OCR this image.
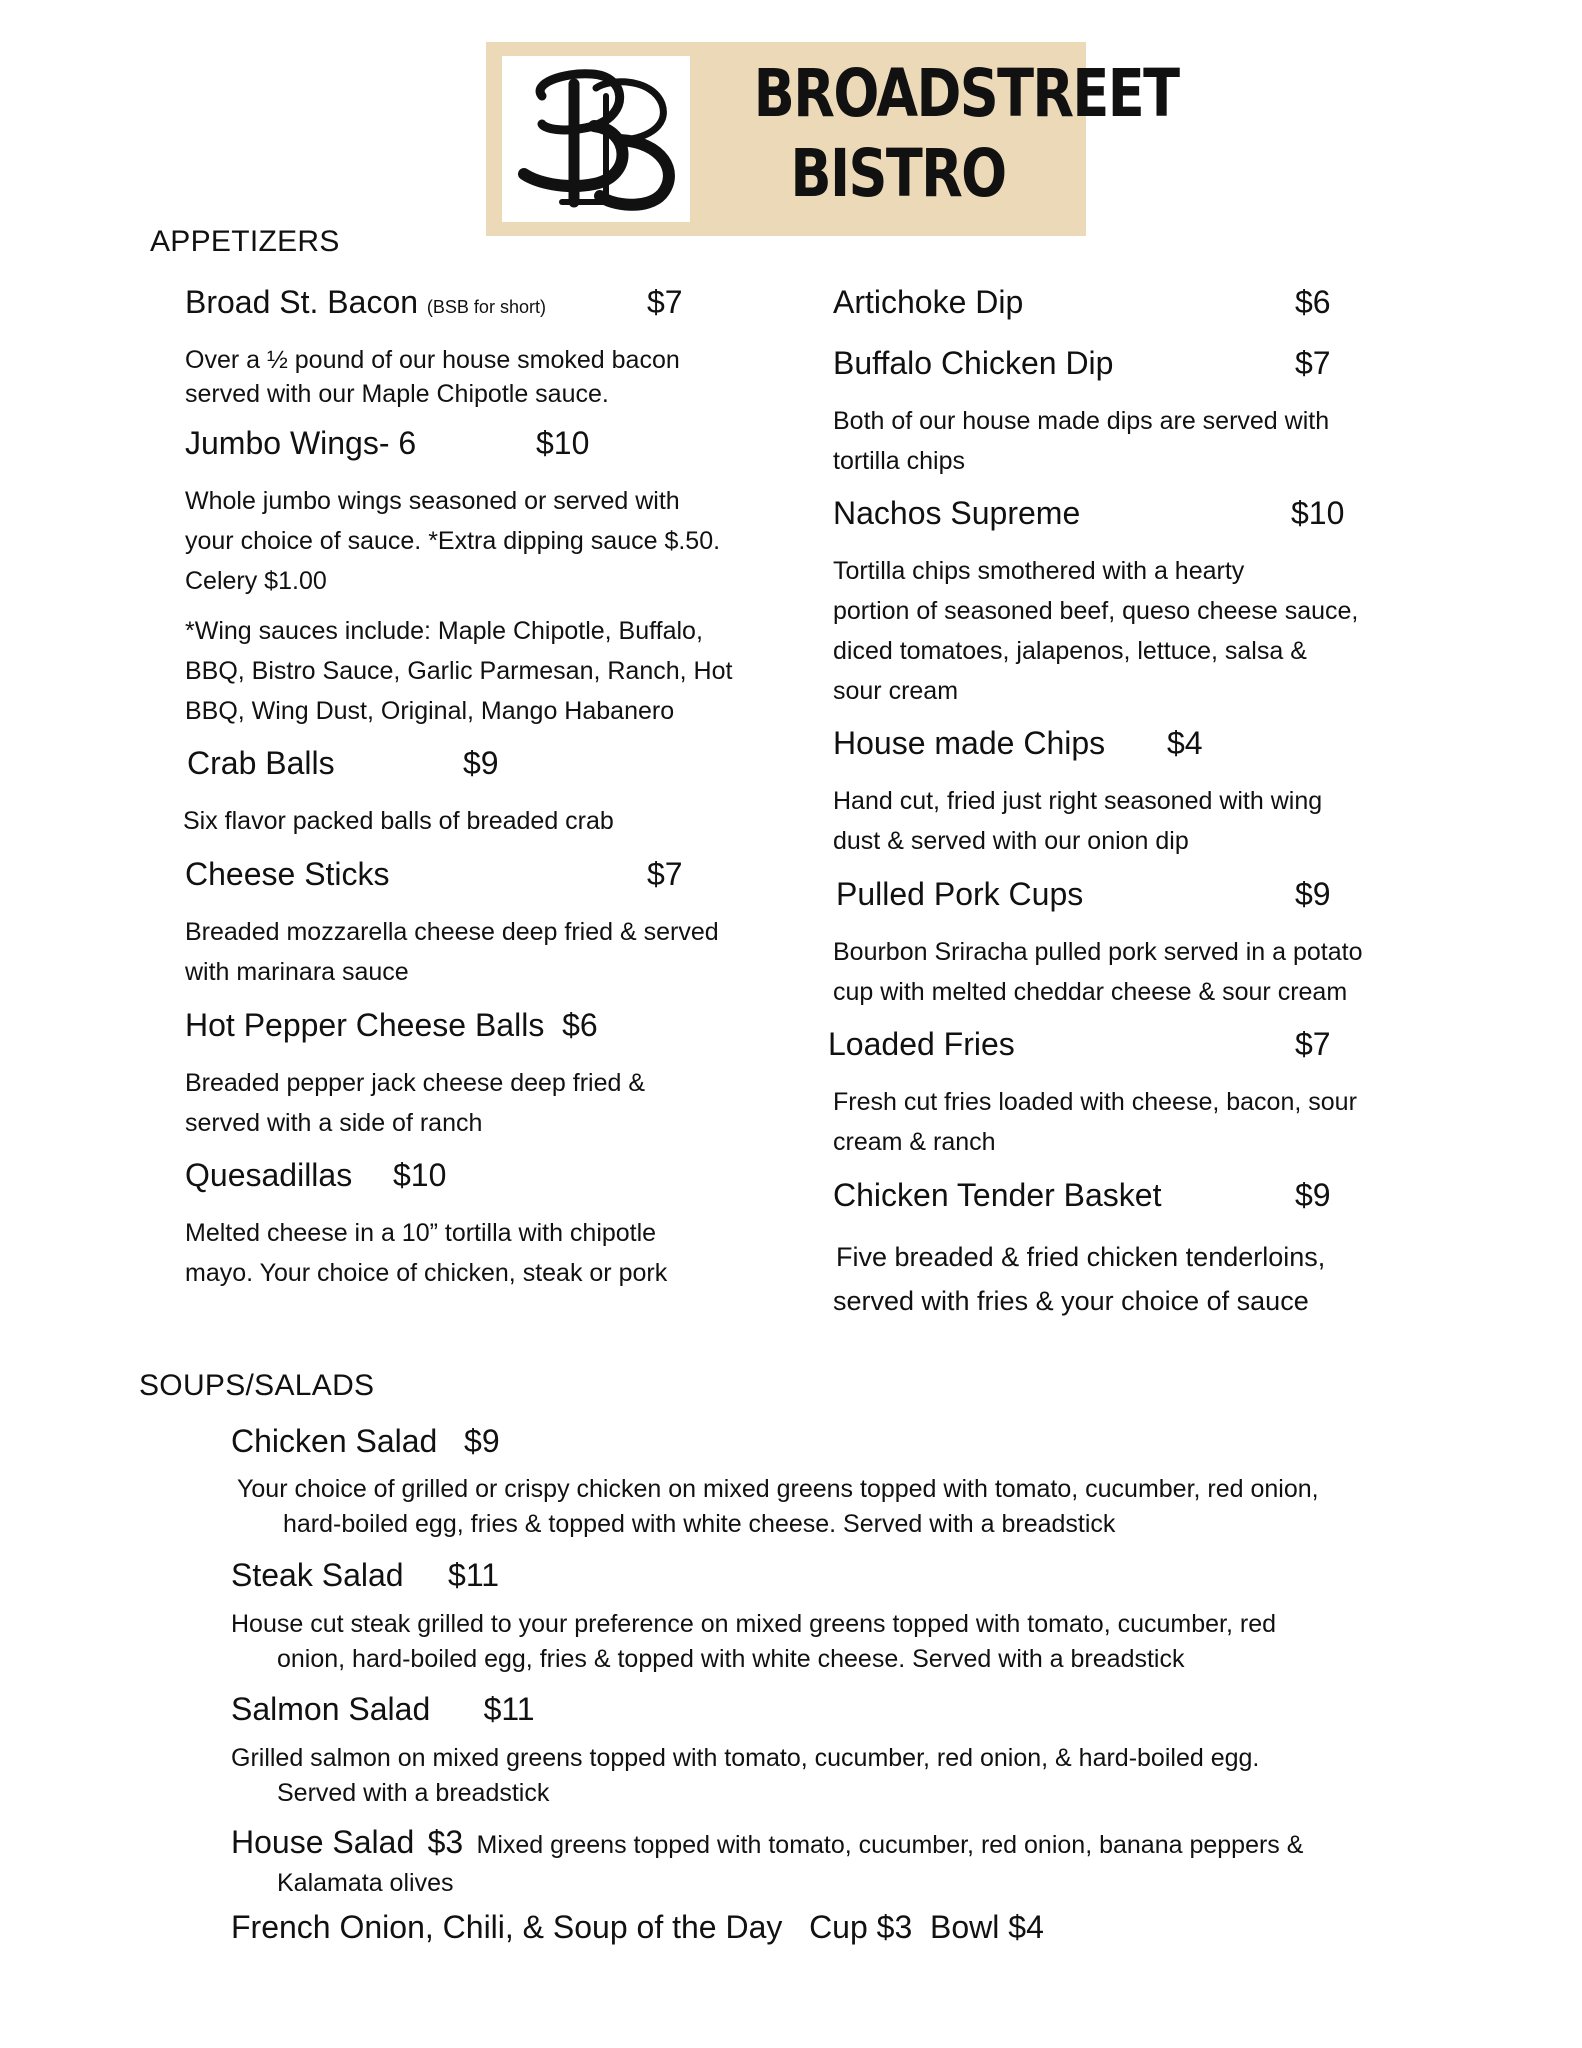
BROADSTREET
BISTRO
APPETIZERS
Broad St. Bacon (BSB for short)	$7
Over a ½ pound of our house smoked bacon
served with our Maple Chipotle sauce.
Jumbo Wings- 6	$10
Whole jumbo wings seasoned or served with
your choice of sauce. *Extra dipping sauce $.50.
Celery $1.00
*Wing sauces include: Maple Chipotle, Buffalo,
BBQ, Bistro Sauce, Garlic Parmesan, Ranch, Hot
BBQ, Wing Dust, Original, Mango Habanero
Crab Balls	$9
Six flavor packed balls of breaded crab
Cheese Sticks	$7
Breaded mozzarella cheese deep fried & served
with marinara sauce
Hot Pepper Cheese Balls $6
Breaded pepper jack cheese deep fried &
served with a side of ranch
Quesadillas $10
Melted cheese in a 10” tortilla with chipotle
mayo. Your choice of chicken, steak or pork
Artichoke Dip	$6
Buffalo Chicken Dip	$7
Both of our house made dips are served with
tortilla chips
Nachos Supreme	$10
Tortilla chips smothered with a hearty
portion of seasoned beef, queso cheese sauce,
diced tomatoes, jalapenos, lettuce, salsa &
sour cream
House made Chips $4
Hand cut, fried just right seasoned with wing
dust & served with our onion dip
Pulled Pork Cups	$9
Bourbon Sriracha pulled pork served in a potato
cup with melted cheddar cheese & sour cream
Loaded Fries	$7
Fresh cut fries loaded with cheese, bacon, sour
cream & ranch
Chicken Tender Basket	$9
Five breaded & fried chicken tenderloins,
served with fries & your choice of sauce
SOUPS/SALADS
Chicken Salad $9
Your choice of grilled or crispy chicken on mixed greens topped with tomato, cucumber, red onion,
hard-boiled egg, fries & topped with white cheese. Served with a breadstick
Steak Salad $11
House cut steak grilled to your preference on mixed greens topped with tomato, cucumber, red
onion, hard-boiled egg, fries & topped with white cheese. Served with a breadstick
Salmon Salad $11
Grilled salmon on mixed greens topped with tomato, cucumber, red onion, & hard-boiled egg.
Served with a breadstick
House Salad $3 Mixed greens topped with tomato, cucumber, red onion, banana peppers &
Kalamata olives
French Onion, Chili, & Soup of the Day Cup $3 Bowl $4
